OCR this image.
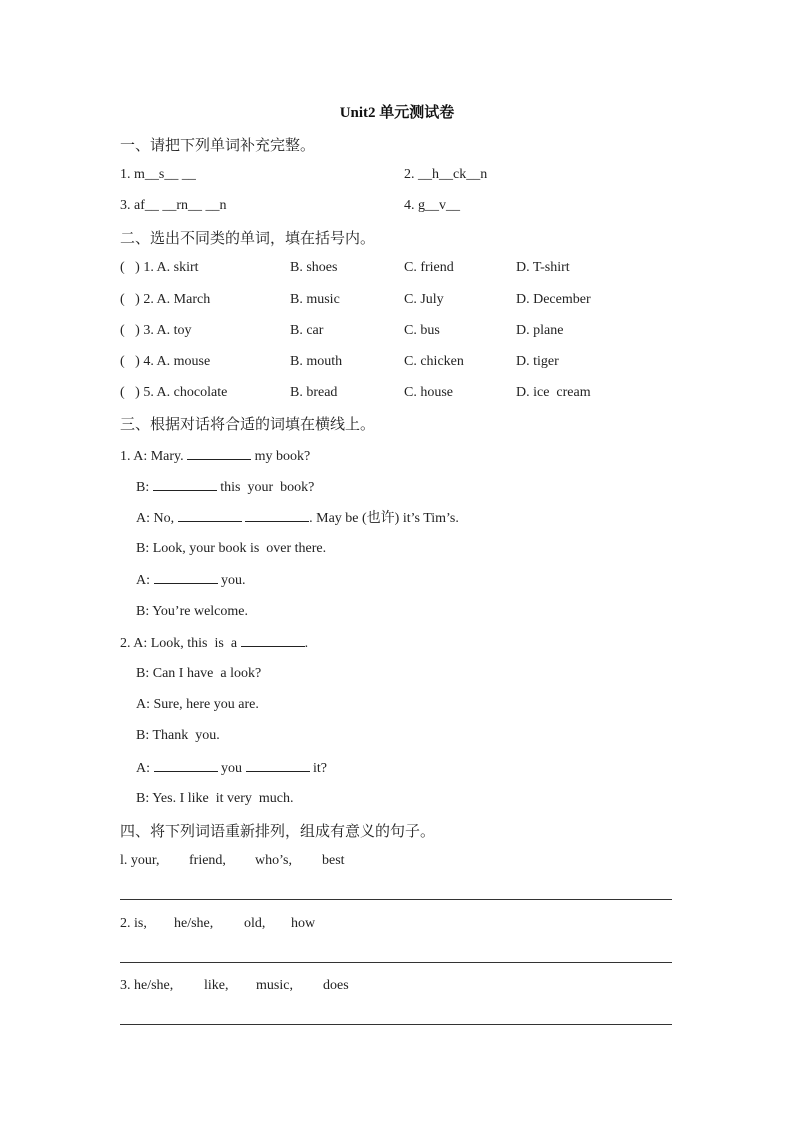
Unit2 单元测试卷
一、请把下列单词补充完整。
1. m__s__ __	2. __h__ck__n
3. af__ __rn__ __n	4. g__v__
二、选出不同类的单词，填在括号内。
(   ) 1. A. skirt	B. shoes	C. friend	D. T-shirt
(   ) 2. A. March	B. music	C. July	D. December
(   ) 3. A. toy	B. car	C. bus	D. plane
(   ) 4. A. mouse	B. mouth	C. chicken	D. tiger
(   ) 5. A. chocolate	B. bread	C. house	D. ice  cream
三、根据对话将合适的词填在横线上。
1. A: Mary.	my book?
B:	this  your  book?
A: No,	. May be (也许) it’s Tim’s.
B: Look, your book is  over there.
A:	you.
B: You’re welcome.
2. A: Look, this  is  a	.
B: Can I have  a look?
A: Sure, here you are.
B: Thank  you.
A:	you	it?
B: Yes. I like  it very  much.
四、将下列词语重新排列，组成有意义的句子。
l. your, friend, who’s, best
2. is, he/she, old, how
3. he/she, like, music, does
